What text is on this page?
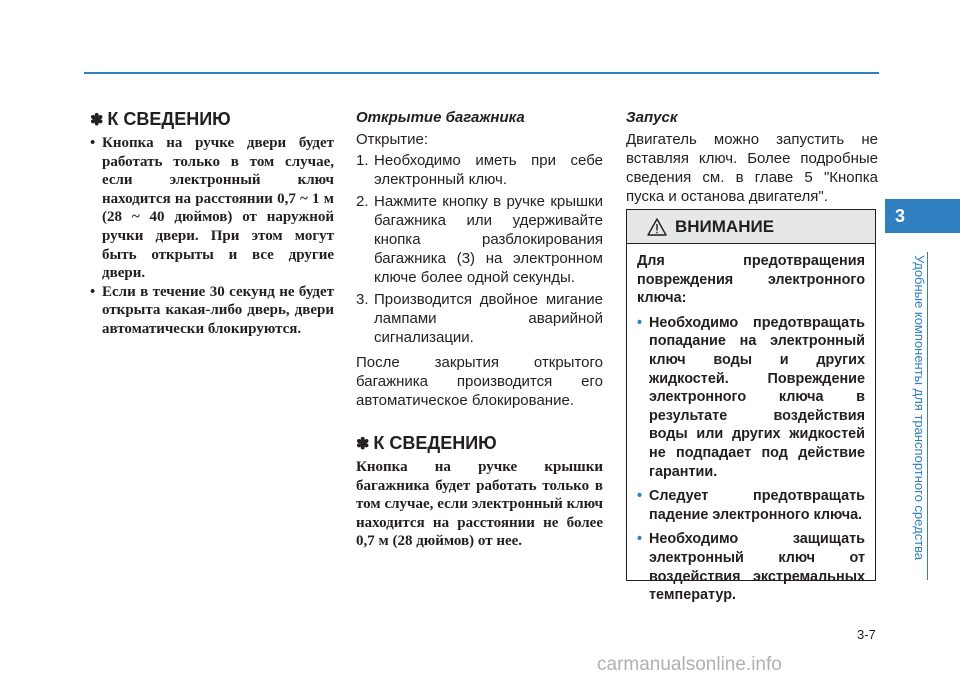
✽ К СВЕДЕНИЮ
• Кнопка на ручке двери будет работать только в том случае, если электронный ключ находится на расстоянии 0,7 ~ 1 м (28 ~ 40 дюймов) от наружной ручки двери. При этом могут быть открыты и все другие двери.
• Если в течение 30 секунд не будет открыта какая-либо дверь, двери автоматически блокируются.
Открытие багажника

Открытие:

1. Необходимо иметь при себе электронный ключ.
2. Нажмите кнопку в ручке крышки багажника или удерживайте кнопка разблокирования багажника (3) на электронном ключе более одной секунды.
3. Производится двойное мигание лампами аварийной сигнализации.

После закрытия открытого багажника производится его автоматическое блокирование.

✽ К СВЕДЕНИЮ

Кнопка на ручке крышки багажника будет работать только в том случае, если электронный ключ находится на расстоянии не более 0,7 м (28 дюймов) от нее.

Запуск

Двигатель можно запустить не вставляя ключ. Более подробные сведения см. в главе 5 "Кнопка пуска и останова двигателя".

ВНИМАНИЕ

Для предотвращения повреждения электронного ключа:

• Необходимо предотвращать попадание на электронный ключ воды и других жидкостей. Повреждение электронного ключа в результате воздействия воды или других жидкостей не подпадает под действие гарантии.
• Следует предотвращать падение электронного ключа.
• Необходимо защищать электронный ключ от воздействия экстремальных температур.
3
Удобные компоненты для транспортного средства
3-7
carmanualsonline.info
